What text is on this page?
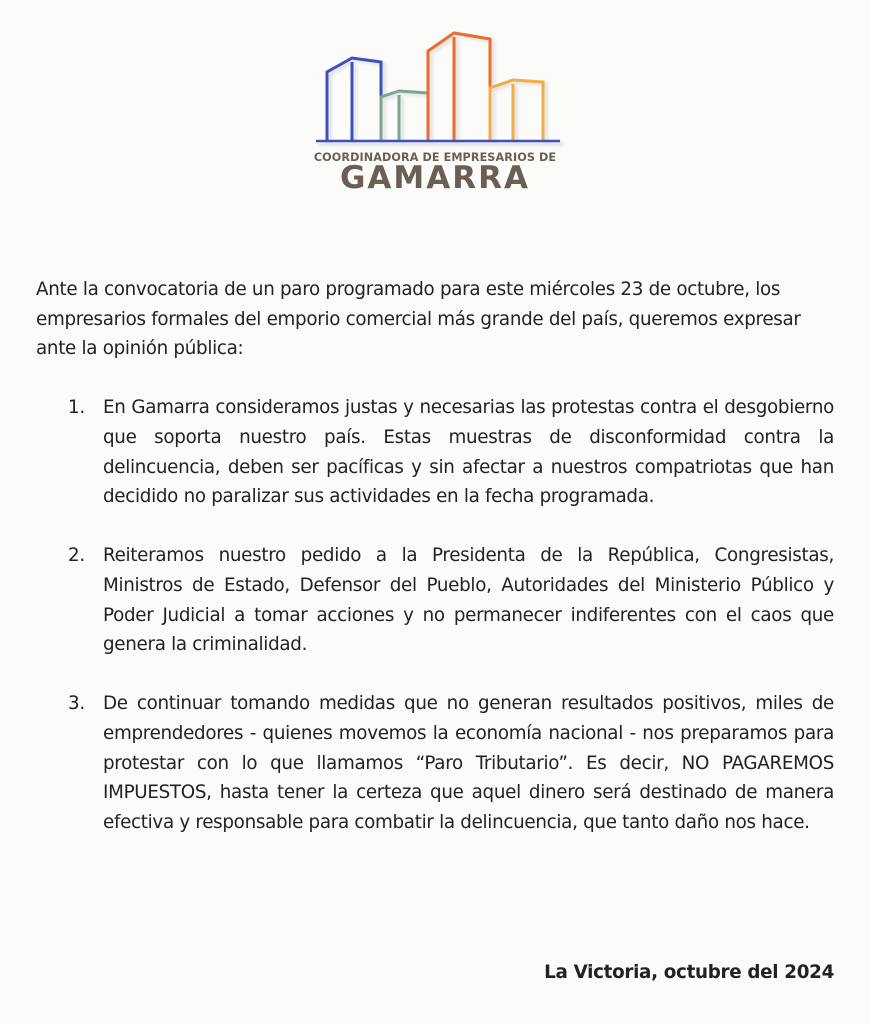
COORDINADORA DE EMPRESARIOS DE
GAMARRA

Ante la convocatoria de un paro programado para este miércoles 23 de octubre, los empresarios formales del emporio comercial más grande del país, queremos expresar ante la opinión pública:

1. En Gamarra consideramos justas y necesarias las protestas contra el desgobierno que soporta nuestro país. Estas muestras de disconformidad contra la delincuencia, deben ser pacíficas y sin afectar a nuestros compatriotas que han decidido no paralizar sus actividades en la fecha programada.
2. Reiteramos nuestro pedido a la Presidenta de la República, Congresistas, Ministros de Estado, Defensor del Pueblo, Autoridades del Ministerio Público y Poder Judicial a tomar acciones y no permanecer indiferentes con el caos que genera la criminalidad.
3. De continuar tomando medidas que no generan resultados positivos, miles de emprendedores - quienes movemos la economía nacional - nos preparamos para protestar con lo que llamamos “Paro Tributario”. Es decir, NO PAGAREMOS IMPUESTOS, hasta tener la certeza que aquel dinero será destinado de manera efectiva y responsable para combatir la delincuencia, que tanto daño nos hace.
La Victoria, octubre del 2024
